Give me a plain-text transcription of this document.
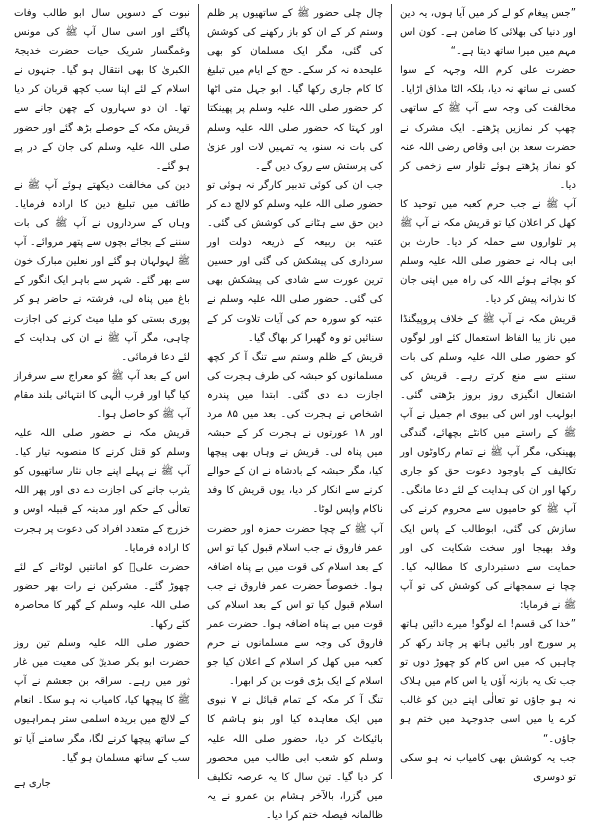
”جس پیغام کو لے کر میں آیا ہوں، یہ دین اور دنیا کی بھلائی کا ضامن ہے۔ کون اس مہم میں میرا ساتھ دیتا ہے۔“

حضرت علی کرم اللہ وجہہ کے سوا کسی نے ساتھ نہ دیا، بلکہ الٹا مذاق اڑایا۔ مخالفت کی وجہ سے آپ ﷺ کے ساتھی چھپ کر نمازیں پڑھتے۔ ایک مشرک نے حضرت سعد بن ابی وقاص رضی اللہ عنہ کو نماز پڑھتے ہوئے تلوار سے زخمی کر دیا۔

آپ ﷺ نے جب حرم کعبہ میں توحید کا کھل کر اعلان کیا تو قریش مکہ نے آپ ﷺ پر تلواروں سے حملہ کر دیا۔ حارث بن ابی ہالہ نے حضور صلی اللہ علیہ وسلم کو بچاتے ہوئے اللہ کی راہ میں اپنی جان کا نذرانہ پیش کر دیا۔

قریش مکہ نے آپ ﷺ کے خلاف پروپیگنڈا میں ناز یبا الفاظ استعمال کئے اور لوگوں کو حضور صلی اللہ علیہ وسلم کی بات سننے سے منع کرتے رہے۔ قریش کی اشتعال انگیزی روز بروز بڑھتی گئی۔ ابولہب اور اس کی بیوی ام جمیل نے آپ ﷺ کے راستے میں کانٹے بچھائے، گندگی پھینکی، مگر آپ ﷺ نے تمام رکاوٹوں اور تکالیف کے باوجود دعوت حق کو جاری رکھا اور ان کی ہدایت کے لئے دعا مانگی۔ آپ ﷺ کو حامیوں سے محروم کرنے کی سازش کی گئی، ابوطالب کے پاس ایک وفد بھیجا اور سخت شکایت کی اور حمایت سے دستبرداری کا مطالبہ کیا۔ چچا نے سمجھانے کی کوشش کی تو آپ ﷺ نے فرمایا:

”خدا کی قسم! اے لوگو! میرے دائیں ہاتھ پر سورج اور بائیں ہاتھ پر چاند رکھ کر چاہیں کہ میں اس کام کو چھوڑ دوں تو جب تک یہ بازنہ آؤں یا اس کام میں ہلاک نہ ہو جاؤں تو تعالٰی اپنے دین کو غالب کرے یا میں اسی جدوجہد میں ختم ہو جاؤں۔“

جب یہ کوشش بھی کامیاب نہ ہو سکی تو دوسری

چال چلی حضور ﷺ کے ساتھیوں پر ظلم وستم کر کے ان کو باز رکھنے کی کوشش کی گئی، مگر ایک مسلمان کو بھی علیحدہ نہ کر سکے۔ حج کے ایام میں تبلیغ کا کام جاری رکھا گیا۔ ابو جہل متی اٹھا کر حضور صلی اللہ علیہ وسلم پر پھینکتا اور کہتا کہ حضور صلی اللہ علیہ وسلم کی بات نہ سنو، یہ تمہیں لات اور عزیٰ کی پرستش سے روک دیں گے۔

جب ان کی کوئی تدبیر کارگر نہ ہوئی تو حضور صلی اللہ علیہ وسلم کو لالچ دے کر دین حق سے ہٹانے کی کوشش کی گئی۔ عتبہ بن ربیعہ کے ذریعہ دولت اور سرداری کی پیشکش کی گئی اور حسین ترین عورت سے شادی کی پیشکش بھی کی گئی۔ حضور صلی اللہ علیہ وسلم نے عتبہ کو سورہ حم کی آیات تلاوت کر کے سنائیں تو وہ گھبرا کر بھاگ گیا۔

قریش کے ظلم وستم سے تنگ آ کر کچھ مسلمانوں کو حبشہ کی طرف ہجرت کی اجازت دے دی گئی۔ ابتدا میں پندرہ اشخاص نے ہجرت کی۔ بعد میں ۸۵ مرد اور ۱۸ عورتوں نے ہجرت کر کے حبشہ میں پناہ لی۔ قریش نے وہاں بھی پیچھا کیا، مگر حبشہ کے بادشاہ نے ان کے حوالے کرنے سے انکار کر دیا، یوں قریش کا وفد ناکام واپس لوٹا۔

آپ ﷺ کے چچا حضرت حمزہ اور حضرت عمر فاروق نے جب اسلام قبول کیا تو اس کے بعد اسلام کی قوت میں بے پناہ اضافہ ہوا۔ خصوصاً حضرت عمر فاروق نے جب اسلام قبول کیا تو اس کے بعد اسلام کی قوت میں بے پناہ اضافہ ہوا۔ حضرت عمر فاروق کی وجہ سے مسلمانوں نے حرم کعبہ میں کھل کر اسلام کے اعلان کیا جو اسلام کے ایک بڑی قوت بن کر ابھرا۔

تنگ آ کر مکہ کے تمام قبائل نے ۷ نبوی میں ایک معاہدہ کیا اور بنو ہاشم کا بائیکاٹ کر دیا، حضور صلی اللہ علیہ وسلم کو شعب ابی طالب میں محصور کر دیا گیا۔ تین سال کا یہ عرصہ تکلیف میں گزرا، بالآخر ہشام بن عمرو نے یہ ظالمانہ فیصلہ ختم کرا دیا۔

نبوت کے دسویں سال ابو طالب وفات پاگئے اور اسی سال آپ ﷺ کی مونس وغمگسار شریک حیات حضرت خدیجۃ الکبریٰ کا بھی انتقال ہو گیا۔ جنہوں نے اسلام کے لئے اپنا سب کچھ قربان کر دیا تھا۔ ان دو سہاروں کے چھن جانے سے قریش مکہ کے حوصلے بڑھ گئے اور حضور صلی اللہ علیہ وسلم کی جان کے در پے ہو گئے۔

دین کی مخالفت دیکھتے ہوئے آپ ﷺ نے طائف میں تبلیغ دین کا ارادہ فرمایا۔ وہاں کے سرداروں نے آپ ﷺ کی بات سننے کے بجائے بچوں سے پتھر مروائے۔ آپ ﷺ لہولہان ہو گئے اور نعلین مبارک خون سے بھر گئے۔ شہر سے باہر ایک انگور کے باغ میں پناہ لی، فرشتہ نے حاضر ہو کر پوری بستی کو ملیا میٹ کرنے کی اجازت چاہی، مگر آپ ﷺ نے ان کی ہدایت کے لئے دعا فرمائی۔

اس کے بعد آپ ﷺ کو معراج سے سرفراز کیا گیا اور قرب الٰہی کا انتہائی بلند مقام آپ ﷺ کو حاصل ہوا۔

قریش مکہ نے حضور صلی اللہ علیہ وسلم کو قتل کرنے کا منصوبہ تیار کیا۔ آپ ﷺ نے پہلے اپنے جاں نثار ساتھیوں کو یثرب جانے کی اجازت دے دی اور پھر اللہ تعالٰی کے حکم اور مدینہ کے قبیلہ اوس و خزرج کے متعدد افراد کی دعوت پر ہجرت کا ارادہ فرمایا۔

حضرت علیؓ کو امانتیں لوٹانے کے لئے چھوڑ گئے۔ مشرکین نے رات بھر حضور صلی اللہ علیہ وسلم کے گھر کا محاصرہ کئے رکھا۔

حضور صلی اللہ علیہ وسلم تین روز حضرت ابو بکر صدیقؓ کی معیت میں غار ثور میں رہے۔ سراقہ بن جعشم نے آپ ﷺ کا پیچھا کیا، کامیاب نہ ہو سکا۔ انعام کے لالچ میں بریدہ اسلمی ستر ہمراہیوں کے ساتھ پیچھا کرنے لگا، مگر سامنے آیا تو سب کے ساتھ مسلمان ہو گیا۔

جاری ہے
